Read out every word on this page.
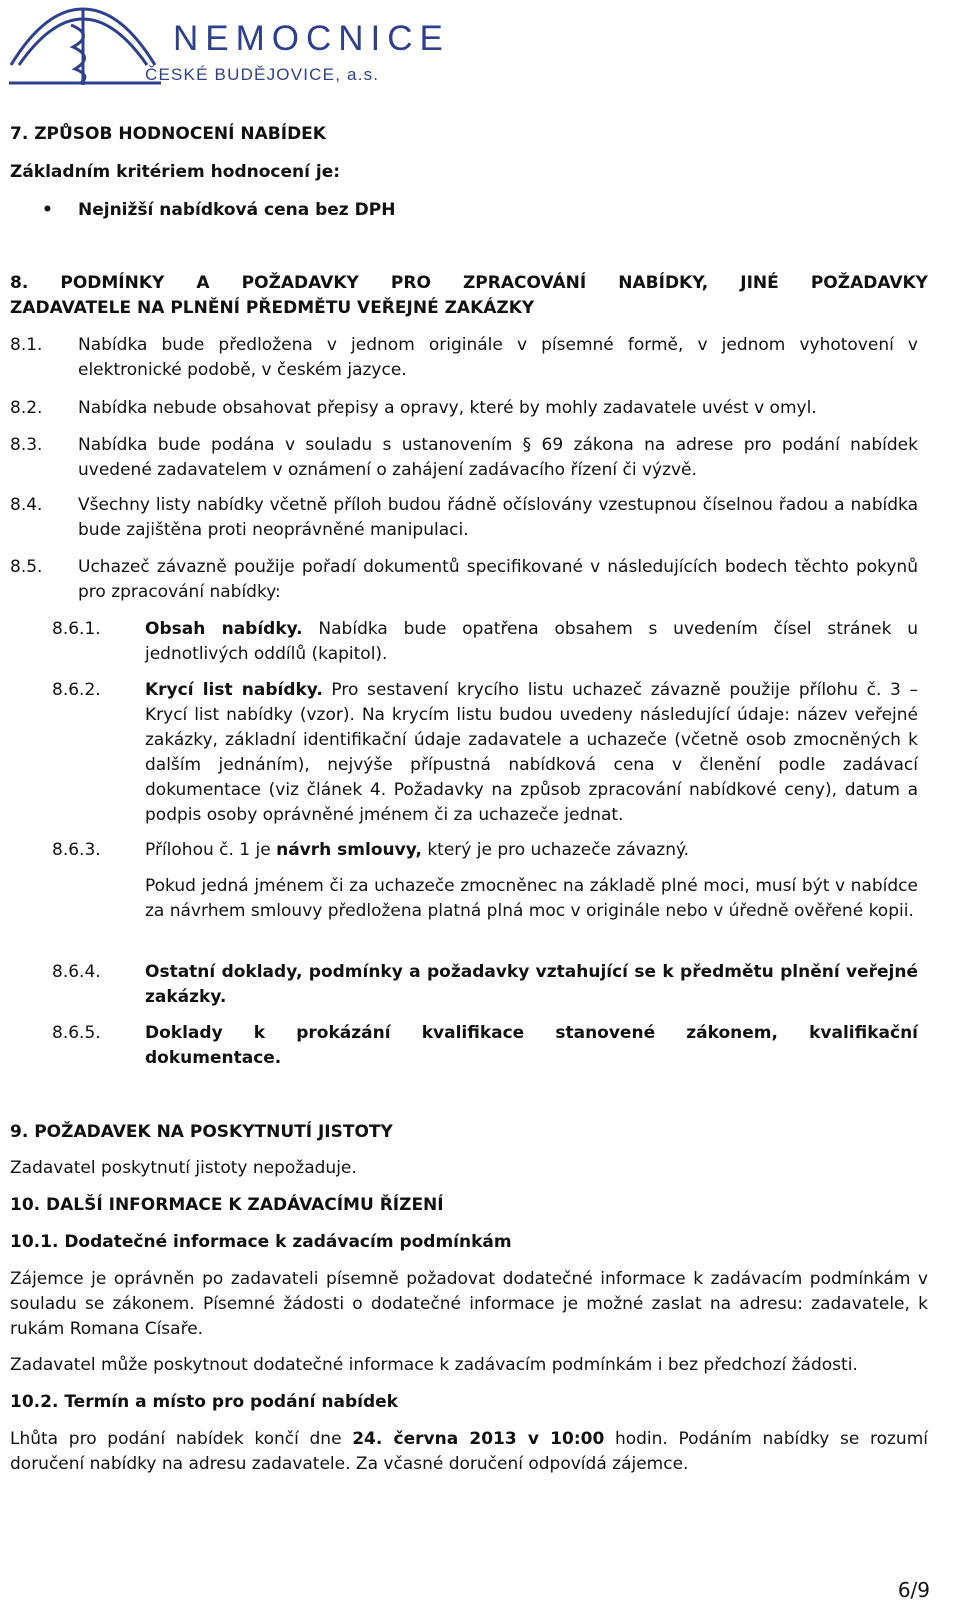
NEMOCNICE
ČESKÉ BUDĚJOVICE, a.s.
7. ZPŮSOB HODNOCENÍ NABÍDEK
Základním kritériem hodnocení je:
• Nejnižší nabídková cena bez DPH
8. PODMÍNKY A POŽADAVKY PRO ZPRACOVÁNÍ NABÍDKY, JINÉ POŽADAVKY
ZADAVATELE NA PLNĚNÍ PŘEDMĚTU VEŘEJNÉ ZAKÁZKY
8.1. Nabídka bude předložena v jednom originále v písemné formě, v jednom vyhotovení v elektronické podobě, v českém jazyce.
8.2. Nabídka nebude obsahovat přepisy a opravy, které by mohly zadavatele uvést v omyl.
8.3. Nabídka bude podána v souladu s ustanovením § 69 zákona na adrese pro podání nabídek uvedené zadavatelem v oznámení o zahájení zadávacího řízení či výzvě.
8.4. Všechny listy nabídky včetně příloh budou řádně očíslovány vzestupnou číselnou řadou a nabídka bude zajištěna proti neoprávněné manipulaci.
8.5. Uchazeč závazně použije pořadí dokumentů specifikované v následujících bodech těchto pokynů pro zpracování nabídky:
8.6.1.	Obsah nabídky. Nabídka bude opatřena obsahem s uvedením čísel stránek u jednotlivých oddílů (kapitol).
8.6.2.	Krycí list nabídky. Pro sestavení krycího listu uchazeč závazně použije přílohu č. 3 – Krycí list nabídky (vzor). Na krycím listu budou uvedeny následující údaje: název veřejné zakázky, základní identifikační údaje zadavatele a uchazeče (včetně osob zmocněných k dalším jednáním), nejvýše přípustná nabídková cena v členění podle zadávací dokumentace (viz článek 4. Požadavky na způsob zpracování nabídkové ceny), datum a podpis osoby oprávněné jménem či za uchazeče jednat.
8.6.3.	Přílohou č. 1 je návrh smlouvy, který je pro uchazeče závazný.
Pokud jedná jménem či za uchazeče zmocněnec na základě plné moci, musí být v nabídce za návrhem smlouvy předložena platná plná moc v originále nebo v úředně ověřené kopii.
8.6.4.	Ostatní doklady, podmínky a požadavky vztahující se k předmětu plnění veřejné zakázky.
8.6.5.	Doklady k prokázání kvalifikace stanovené zákonem, kvalifikační dokumentace.
9. POŽADAVEK NA POSKYTNUTÍ JISTOTY
Zadavatel poskytnutí jistoty nepožaduje.
10. DALŠÍ INFORMACE K ZADÁVACÍMU ŘÍZENÍ
10.1. Dodatečné informace k zadávacím podmínkám
Zájemce je oprávněn po zadavateli písemně požadovat dodatečné informace k zadávacím podmínkám v souladu se zákonem. Písemné žádosti o dodatečné informace je možné zaslat na adresu: zadavatele, k rukám Romana Císaře.
Zadavatel může poskytnout dodatečné informace k zadávacím podmínkám i bez předchozí žádosti.
10.2. Termín a místo pro podání nabídek
Lhůta pro podání nabídek končí dne 24. června 2013 v 10:00 hodin. Podáním nabídky se rozumí doručení nabídky na adresu zadavatele. Za včasné doručení odpovídá zájemce.
6/9
